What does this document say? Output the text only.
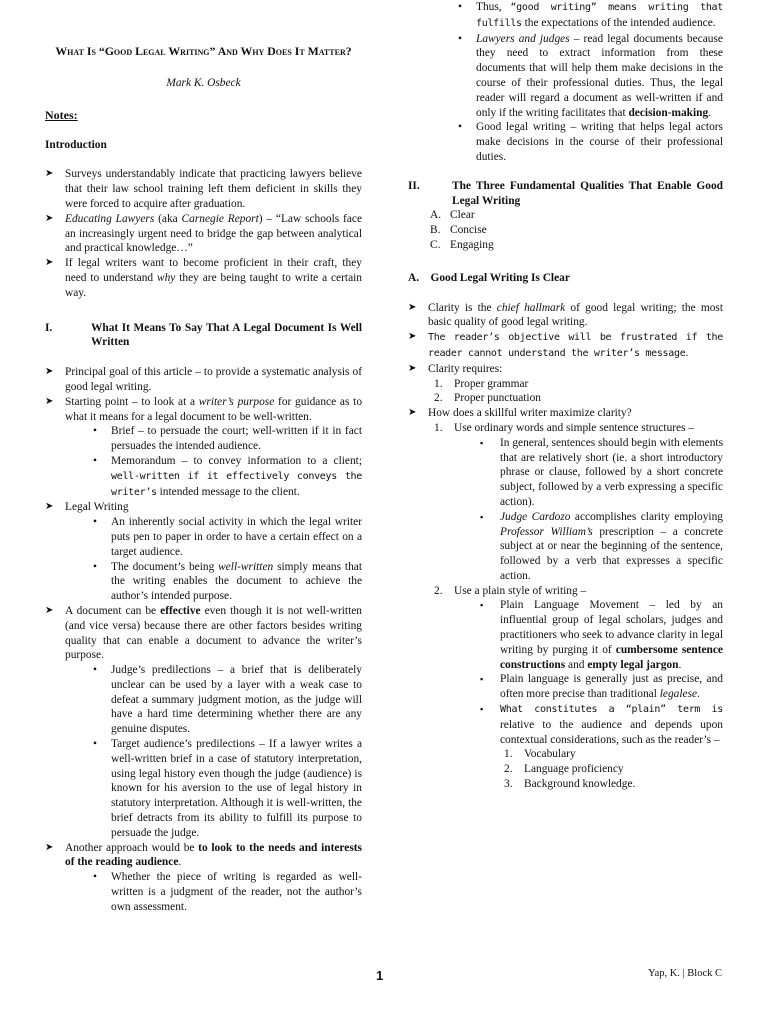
What Is “Good Legal Writing” And Why Does It Matter?

Mark K. Osbeck

Notes:

Introduction

➤ Surveys understandably indicate that practicing lawyers believe that their law school training left them deficient in skills they were forced to acquire after graduation.
➤ Educating Lawyers (aka Carnegie Report) – “Law schools face an increasingly urgent need to bridge the gap between analytical and practical knowledge…”
➤ If legal writers want to become proficient in their craft, they need to understand why they are being taught to write a certain way.
I.	What It Means To Say That A Legal Document Is Well Written
➤ Principal goal of this article – to provide a systematic analysis of good legal writing.
➤ Starting point – to look at a writer’s purpose for guidance as to what it means for a legal document to be well-written.
• Brief – to persuade the court; well-written if it in fact persuades the intended audience.
• Memorandum – to convey information to a client; well-written if it effectively conveys the writer’s intended message to the client.
➤ Legal Writing
• An inherently social activity in which the legal writer puts pen to paper in order to have a certain effect on a target audience.
• The document’s being well-written simply means that the writing enables the document to achieve the author’s intended purpose.
➤ A document can be effective even though it is not well-written (and vice versa) because there are other factors besides writing quality that can enable a document to advance the writer’s purpose.
• Judge’s predilections – a brief that is deliberately unclear can be used by a layer with a weak case to defeat a summary judgment motion, as the judge will have a hard time determining whether there are any genuine disputes.
• Target audience’s predilections – If a lawyer writes a well-written brief in a case of statutory interpretation, using legal history even though the judge (audience) is known for his aversion to the use of legal history in statutory interpretation. Although it is well-written, the brief detracts from its ability to fulfill its purpose to persuade the judge.
➤ Another approach would be to look to the needs and interests of the reading audience.
• Whether the piece of writing is regarded as well-written is a judgment of the reader, not the author’s own assessment.
• Thus, “good writing” means writing that fulfills the expectations of the intended audience.
• Lawyers and judges – read legal documents because they need to extract information from these documents that will help them make decisions in the course of their professional duties. Thus, the legal reader will regard a document as well-written if and only if the writing facilitates that decision-making.
• Good legal writing – writing that helps legal actors make decisions in the course of their professional duties.
II.	The Three Fundamental Qualities That Enable Good Legal Writing
A. Clear
B. Concise
C. Engaging

A. Good Legal Writing Is Clear

➤ Clarity is the chief hallmark of good legal writing; the most basic quality of good legal writing.
➤ The reader’s objective will be frustrated if the reader cannot understand the writer’s message.
➤ Clarity requires:
1. Proper grammar
2. Proper punctuation
➤ How does a skillful writer maximize clarity?
1. Use ordinary words and simple sentence structures –
▪ In general, sentences should begin with elements that are relatively short (ie. a short introductory phrase or clause, followed by a short concrete subject, followed by a verb expressing a specific action).
▪ Judge Cardozo accomplishes clarity employing Professor William’s prescription – a concrete subject at or near the beginning of the sentence, followed by a verb that expresses a specific action.
2. Use a plain style of writing –
▪ Plain Language Movement – led by an influential group of legal scholars, judges and practitioners who seek to advance clarity in legal writing by purging it of cumbersome sentence constructions and empty legal jargon.
▪ Plain language is generally just as precise, and often more precise than traditional legalese.
▪ What constitutes a “plain” term is relative to the audience and depends upon contextual considerations, such as the reader’s –
1. Vocabulary
2. Language proficiency
3. Background knowledge.
1	Yap, K. | Block C
